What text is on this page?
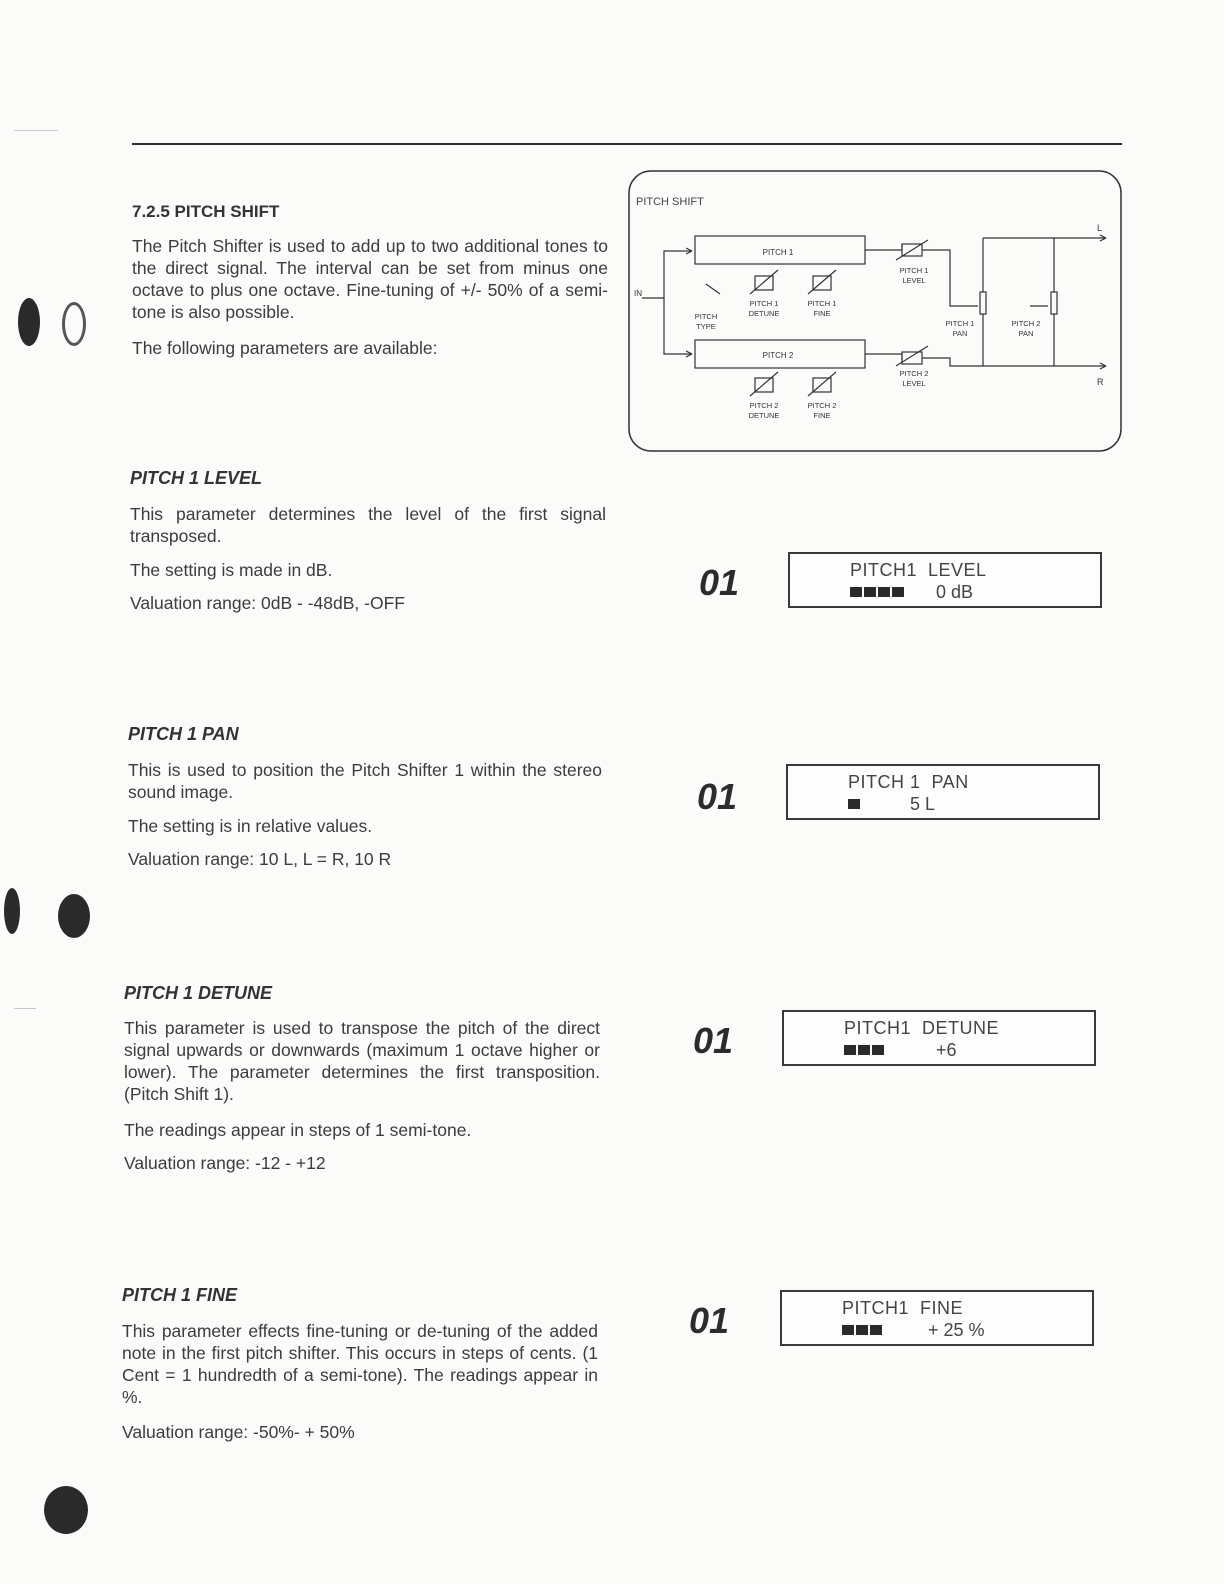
7.2.5 PITCH SHIFT

The Pitch Shifter is used to add up to two additional tones to the direct signal. The interval can be set from minus one octave to plus one octave. Fine-tuning of +/- 50% of a semi-tone is also possible.

The following parameters are available:

PITCH SHIFT
IN
L
R
PITCH 1
PITCH 2
PITCH
TYPE
PITCH 1
DETUNE
PITCH 1
FINE
PITCH 2
DETUNE
PITCH 2
FINE
PITCH 1
LEVEL
PITCH 2
LEVEL
PITCH 1
PAN
PITCH 2
PAN
PITCH 1 LEVEL

This parameter determines the level of the first signal transposed.

The setting is made in dB.

Valuation range: 0dB - -48dB, -OFF	01	PITCH1  LEVEL
0 dB
PITCH 1 PAN

This is used to position the Pitch Shifter 1 within the stereo sound image.

The setting is in relative values.

Valuation range: 10 L, L = R, 10 R

01	PITCH 1  PAN
5 L
PITCH 1 DETUNE

This parameter is used to transpose the pitch of the direct signal upwards or downwards (maximum 1 octave higher or lower). The parameter determines the first transposition. (Pitch Shift 1).

The readings appear in steps of 1 semi-tone.

Valuation range: -12 - +12

01	PITCH1  DETUNE
+6
PITCH 1 FINE

This parameter effects fine-tuning or de-tuning of the added note in the first pitch shifter. This occurs in steps of cents. (1 Cent = 1 hundredth of a semi-tone). The readings appear in %.

Valuation range: -50%- + 50%

01	PITCH1  FINE
+ 25 %
